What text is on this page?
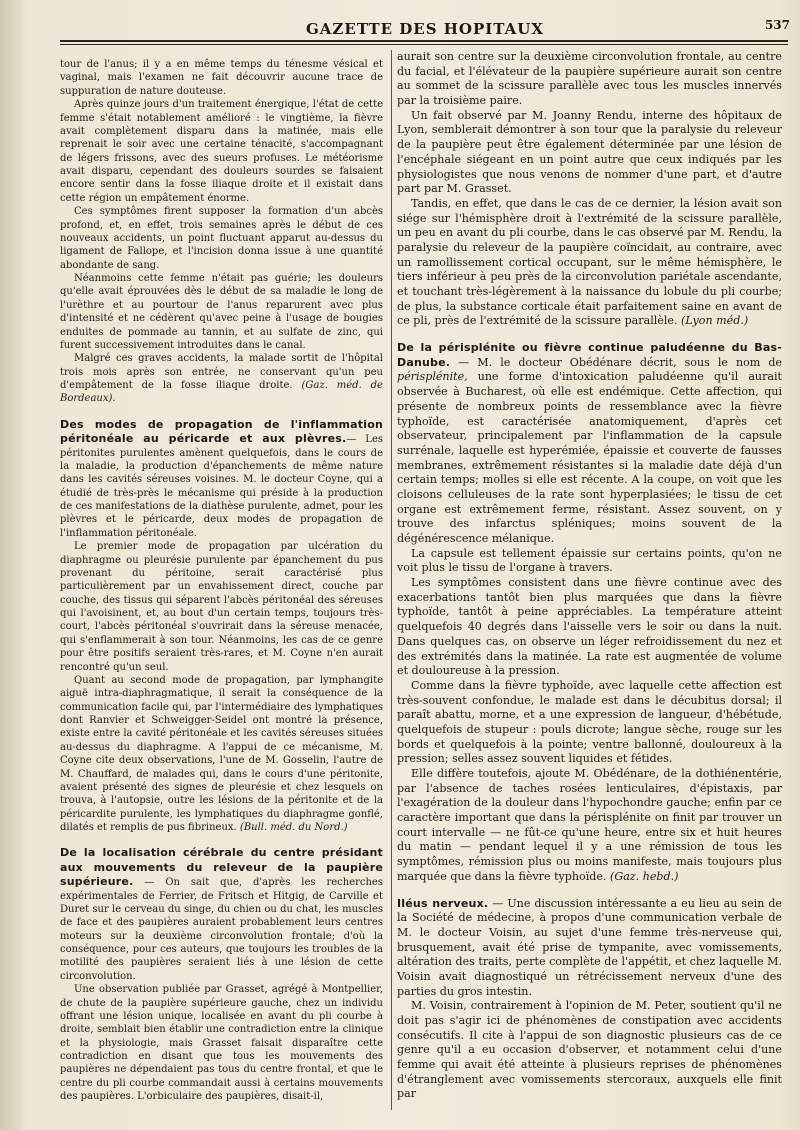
GAZETTE DES HOPITAUX	537

tour de l'anus; il y a en même temps du ténesme vésical et vaginal, mais l'examen ne fait découvrir aucune trace de suppuration de nature douteuse.

Après quinze jours d'un traitement énergique, l'état de cette femme s'était notablement amélioré : le vingtième, la fièvre avait complètement disparu dans la matinée, mais elle reprenait le soir avec une certaine ténacité, s'accompagnant de légers frissons, avec des sueurs profuses. Le météorisme avait disparu, cependant des douleurs sourdes se faisaient encore sentir dans la fosse iliaque droite et il existait dans cette région un empâtement énorme.

Ces symptômes firent supposer la formation d'un abcès profond, et, en effet, trois semaines après le début de ces nouveaux accidents, un point fluctuant apparut au-dessus du ligament de Fallope, et l'incision donna issue à une quantité abondante de sang.

Néanmoins cette femme n'était pas guérie; les douleurs qu'elle avait éprouvées dès le début de sa maladie le long de l'urèthre et au pourtour de l'anus reparurent avec plus d'intensité et ne cédèrent qu'avec peine à l'usage de bougies enduites de pommade au tannin, et au sulfate de zinc, qui furent successivement introduites dans le canal.

Malgré ces graves accidents, la malade sortit de l'hôpital trois mois après son entrée, ne conservant qu'un peu d'empâtement de la fosse iliaque droite. (Gaz. méd. de Bordeaux).

Des modes de propagation de l'inflammation péritonéale au péricarde et aux plèvres.— Les péritonites purulentes amènent quelquefois, dans le cours de la maladie, la production d'épanchements de même nature dans les cavités séreuses voisines. M. le docteur Coyne, qui a étudié de très-près le mécanisme qui préside à la production de ces manifestations de la diathèse purulente, admet, pour les plèvres et le péricarde, deux modes de propagation de l'inflammation péritonéale.

Le premier mode de propagation par ulcération du diaphragme ou pleurésie purulente par épanchement du pus provenant du péritoine, serait caractérisé plus particulièrement par un envahissement direct, couche par couche, des tissus qui séparent l'abcès péritonéal des séreuses qui l'avoisinent, et, au bout d'un certain temps, toujours très-court, l'abcès péritonéal s'ouvrirait dans la séreuse menacée, qui s'enflammerait à son tour. Néanmoins, les cas de ce genre pour être positifs seraient très-rares, et M. Coyne n'en aurait rencontré qu'un seul.

Quant au second mode de propagation, par lymphangite aiguë intra-diaphragmatique, il serait la conséquence de la communication facile qui, par l'intermédiaire des lymphatiques dont Ranvier et Schweigger-Seidel ont montré la présence, existe entre la cavité péritonéale et les cavités séreuses situées au-dessus du diaphragme. A l'appui de ce mécanisme, M. Coyne cite deux observations, l'une de M. Gosselin, l'autre de M. Chauffard, de malades qui, dans le cours d'une péritonite, avaient présenté des signes de pleurésie et chez lesquels on trouva, à l'autopsie, outre les lésions de la péritonite et de la péricardite purulente, les lymphatiques du diaphragme gonflé, dilatés et remplis de pus fibrineux. (Bull. méd. du Nord.)

De la localisation cérébrale du centre présidant aux mouvements du releveur de la paupière supérieure. — On sait que, d'après les recherches expérimentales de Ferrier, de Fritsch et Hitgig, de Carville et Duret sur le cerveau du singe, du chien ou du chat, les muscles de face et des paupières auraient probablement leurs centres moteurs sur la deuxième circonvolution frontale; d'où la conséquence, pour ces auteurs, que toujours les troubles de la motilité des paupières seraient liés à une lésion de cette circonvolution.

Une observation publiée par Grasset, agrégé à Montpellier, de chute de la paupière supérieure gauche, chez un individu offrant une lésion unique, localisée en avant du pli courbe à droite, semblait bien établir une contradiction entre la clinique et la physiologie, mais Grasset faisait disparaître cette contradiction en disant que tous les mouvements des paupières ne dépendaient pas tous du centre frontal, et que le centre du pli courbe commandait aussi à certains mouvements des paupières. L'orbiculaire des paupières, disait-il,

aurait son centre sur la deuxième circonvolution frontale, au centre du facial, et l'élévateur de la paupière supérieure aurait son centre au sommet de la scissure parallèle avec tous les muscles innervés par la troisième paire.

Un fait observé par M. Joanny Rendu, interne des hôpitaux de Lyon, semblerait démontrer à son tour que la paralysie du releveur de la paupière peut être également déterminée par une lésion de l'encéphale siégeant en un point autre que ceux indiqués par les physiologistes que nous venons de nommer d'une part, et d'autre part par M. Grasset.

Tandis, en effet, que dans le cas de ce dernier, la lésion avait son siége sur l'hémisphère droit à l'extrémité de la scissure parallèle, un peu en avant du pli courbe, dans le cas observé par M. Rendu, la paralysie du releveur de la paupière coïncidait, au contraire, avec un ramollissement cortical occupant, sur le même hémisphère, le tiers inférieur à peu près de la circonvolution pariétale ascendante, et touchant très-légèrement à la naissance du lobule du pli courbe; de plus, la substance corticale était parfaitement saine en avant de ce pli, près de l'extrémité de la scissure parallèle. (Lyon méd.)

De la périsplénite ou fièvre continue paludéenne du Bas-Danube. — M. le docteur Obédénare décrit, sous le nom de périsplénite, une forme d'intoxication paludéenne qu'il aurait observée à Bucharest, où elle est endémique. Cette affection, qui présente de nombreux points de ressemblance avec la fièvre typhoïde, est caractérisée anatomiquement, d'après cet observateur, principalement par l'inflammation de la capsule surrénale, laquelle est hyperémiée, épaissie et couverte de fausses membranes, extrêmement résistantes si la maladie date déjà d'un certain temps; molles si elle est récente. A la coupe, on voit que les cloisons celluleuses de la rate sont hyperplasiées; le tissu de cet organe est extrêmement ferme, résistant. Assez souvent, on y trouve des infarctus spléniques; moins souvent de la dégénérescence mélanique.

La capsule est tellement épaissie sur certains points, qu'on ne voit plus le tissu de l'organe à travers.

Les symptômes consistent dans une fièvre continue avec des exacerbations tantôt bien plus marquées que dans la fièvre typhoïde, tantôt à peine appréciables. La température atteint quelquefois 40 degrés dans l'aisselle vers le soir ou dans la nuit. Dans quelques cas, on observe un léger refroidissement du nez et des extrémités dans la matinée. La rate est augmentée de volume et douloureuse à la pression.

Comme dans la fièvre typhoïde, avec laquelle cette affection est très-souvent confondue, le malade est dans le décubitus dorsal; il paraît abattu, morne, et a une expression de langueur, d'hébétude, quelquefois de stupeur : pouls dicrote; langue sèche, rouge sur les bords et quelquefois à la pointe; ventre ballonné, douloureux à la pression; selles assez souvent liquides et fétides.

Elle diffère toutefois, ajoute M. Obédénare, de la dothiénentérie, par l'absence de taches rosées lenticulaires, d'épistaxis, par l'exagération de la douleur dans l'hypochondre gauche; enfin par ce caractère important que dans la périsplénite on finit par trouver un court intervalle — ne fût-ce qu'une heure, entre six et huit heures du matin — pendant lequel il y a une rémission de tous les symptômes, rémission plus ou moins manifeste, mais toujours plus marquée que dans la fièvre typhoïde. (Gaz. hebd.)

Iléus nerveux. — Une discussion intéressante a eu lieu au sein de la Société de médecine, à propos d'une communication verbale de M. le docteur Voisin, au sujet d'une femme très-nerveuse qui, brusquement, avait été prise de tympanite, avec vomissements, altération des traits, perte complète de l'appétit, et chez laquelle M. Voisin avait diagnostiqué un rétrécissement nerveux d'une des parties du gros intestin.

M. Voisin, contrairement à l'opinion de M. Peter, soutient qu'il ne doit pas s'agir ici de phénomènes de constipation avec accidents consécutifs. Il cite à l'appui de son diagnostic plusieurs cas de ce genre qu'il a eu occasion d'observer, et notamment celui d'une femme qui avait été atteinte à plusieurs reprises de phénomènes d'étranglement avec vomissements stercoraux, auxquels elle finit par
